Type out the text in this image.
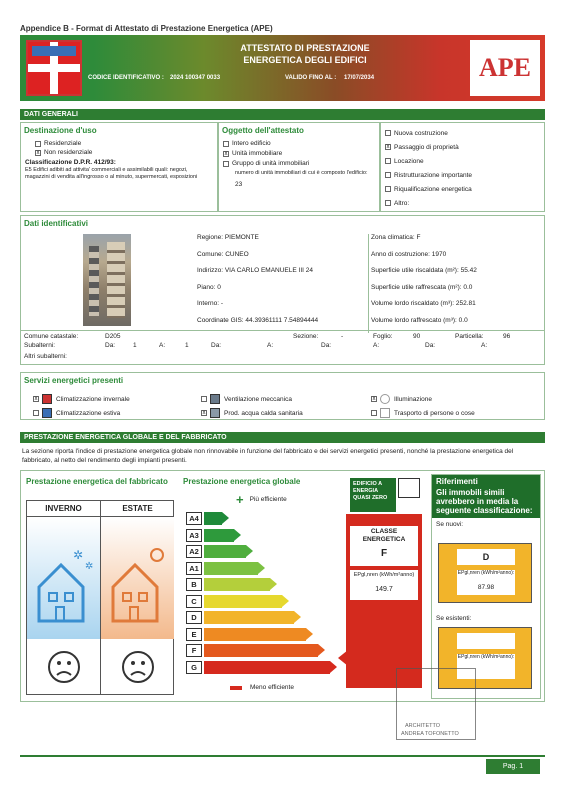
Appendice B - Format di Attestato di Prestazione Energetica (APE)
ATTESTATO DI PRESTAZIONE
ENERGETICA DEGLI EDIFICI
CODICE IDENTIFICATIVO : 2024 100347 0033	VALIDO FINO AL : 17/07/2034	APE
DATI GENERALI
Destinazione d'uso
Residenziale
x Non residenziale
Classificazione D.P.R. 412/93:
E5 Edifici adibiti ad attivita' commerciali e assimilabili quali: negozi, magazzini di vendita all'ingrosso o al minuto, supermercati, esposizioni
Oggetto dell'attestato
Intero edificio
x Unità immobiliare
Gruppo di unità immobiliari
numero di unità immobiliari di cui è composto l'edificio:
23
Nuova costruzione
x Passaggio di proprietà
Locazione
Ristrutturazione importante
Riqualificazione energetica
Altro:
Dati identificativi
Regione: PIEMONTE
Comune: CUNEO
Indirizzo: VIA CARLO EMANUELE III 24
Piano: 0
Interno: -
Coordinate GIS: 44.39361111 7.54894444
Zona climatica: F
Anno di costruzione: 1970
Superficie utile riscaldata (m²): 55.42
Superficie utile raffrescata (m²): 0.0
Volume lordo riscaldato (m³): 252.81
Volume lordo raffrescato (m³): 0.0
Comune catastale:	D205	Sezione:	-	Foglio:	90	Particella:	96
Subalterni:	Da:	1	A:	1	Da:	A:	Da:	A:	Da:	A:
Altri subalterni:
Servizi energetici presenti
x	Climatizzazione invernale	Ventilazione meccanica	x	Illuminazione
Climatizzazione estiva	x	Prod. acqua calda sanitaria	Trasporto di persone o cose
PRESTAZIONE ENERGETICA GLOBALE E DEL FABBRICATO
La sezione riporta l'indice di prestazione energetica globale non rinnovabile in funzione del fabbricato e dei servizi energetici presenti, nonché la prestazione energetica del fabbricato, al netto del rendimento degli impianti presenti.
Prestazione energetica del fabbricato
INVERNO	ESTATE
✲
✲
Prestazione energetica globale
+ Più efficiente
A4
A3
A2
A1
B
C
D
E
F
G
Meno efficiente
EDIFICIO A ENERGIA QUASI ZERO
CLASSE ENERGETICA
F
EPgl,nren (kWh/m²anno)
149.7
Riferimenti
Gli immobili simili avrebbero in media la seguente classificazione:
Se nuovi:
D
EPgl,nren (kWh/m²anno):
87.98
Se esistenti:
EPgl,nren (kWh/m²anno):
ARCHITETTO
ANDREA TOFONETTO
Pag. 1
